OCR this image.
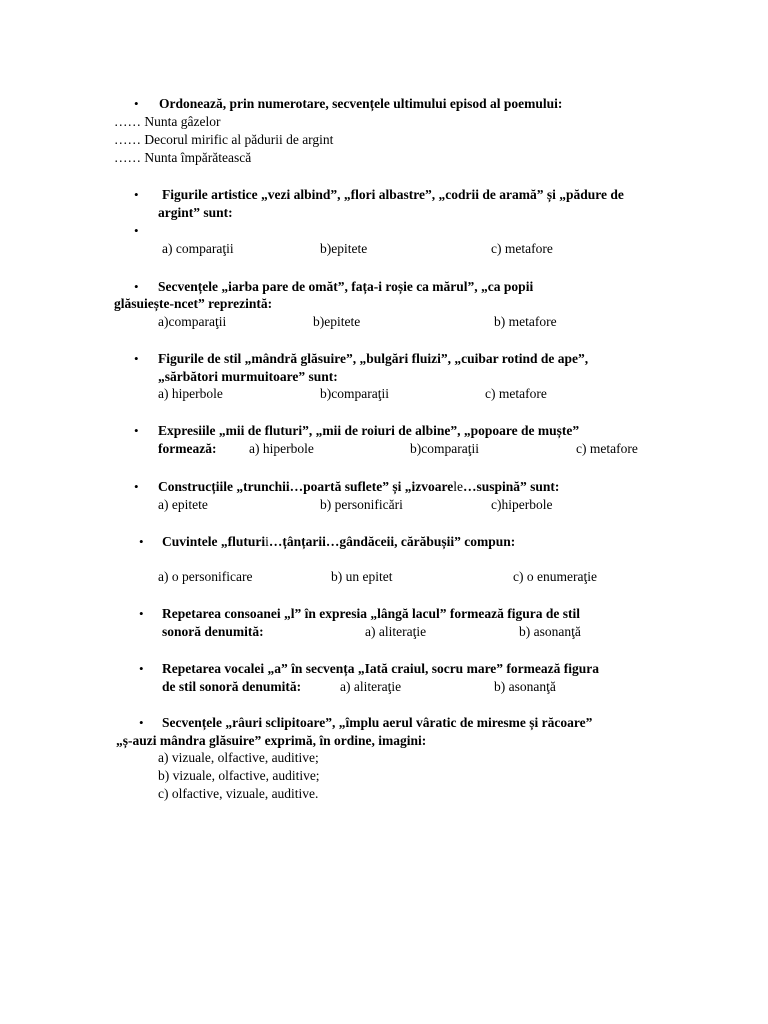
• Ordonează, prin numerotare, secvențele ultimului episod al poemului:
…… Nunta gâzelor
…… Decorul mirific al pădurii de argint
…… Nunta împărătească
• Figurile artistice „vezi albind”, „flori albastre”, „codrii de aramă” și „pădure de
argint” sunt:
•
a) comparaţii	b)epitete	c) metafore
• Secvențele „iarba pare de omăt”, fața-i roșie ca mărul”, „ca popii
glăsuiește-ncet” reprezintă:
a)comparaţii	b)epitete	b) metafore
• Figurile de stil „mândră glăsuire”, „bulgări fluizi”, „cuibar rotind de ape”,
„sărbători murmuitoare” sunt:
a) hiperbole	b)comparaţii	c) metafore
• Expresiile „mii de fluturi”, „mii de roiuri de albine”, „popoare de muște”
formează: a) hiperbole	b)comparaţii	c) metafore
• Construcțiile „trunchii…poartă suflete” și „izvoarele…suspină” sunt:
a) epitete	b) personificări	c)hiperbole
• Cuvintele „fluturii…țânțarii…gândăceii, cărăbușii” compun:
a) o personificare	b) un epitet	c) o enumeraţie
• Repetarea consoanei „l” în expresia „lângă lacul” formează figura de stil
sonoră denumită:	a) aliteraţie	b) asonanţă
• Repetarea vocalei „a” în secvența „Iată craiul, socru mare” formează figura
de stil sonoră denumită:	a) aliteraţie	b) asonanţă
• Secvențele „râuri sclipitoare”, „împlu aerul vâratic de miresme și răcoare”
„ș-auzi mândra glăsuire” exprimă, în ordine, imagini:
a) vizuale, olfactive, auditive;
b) vizuale, olfactive, auditive;
c) olfactive, vizuale, auditive.
